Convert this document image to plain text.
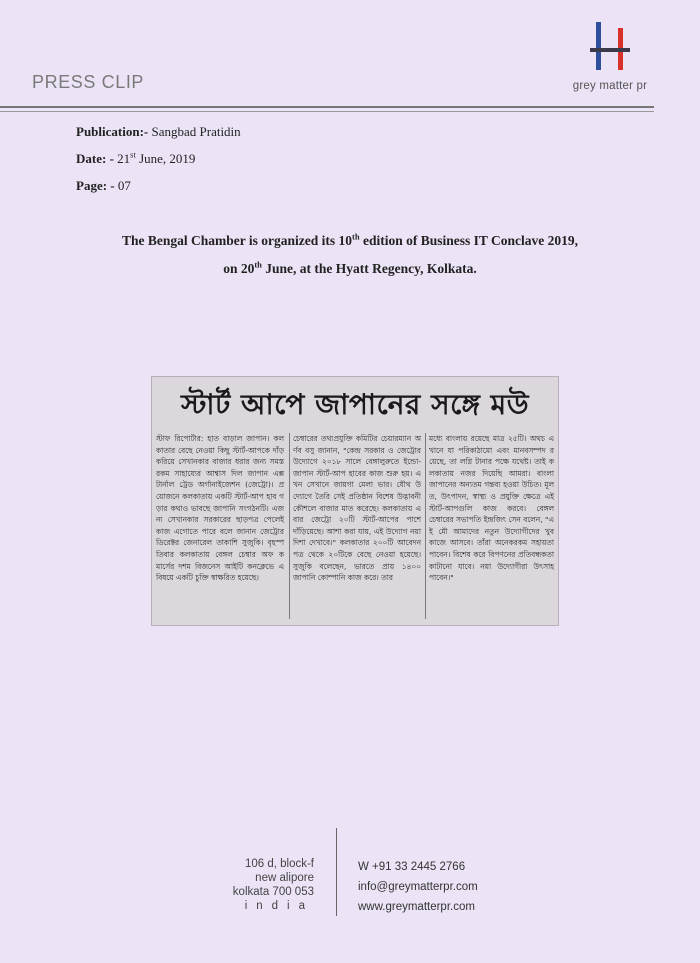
grey matter pr
PRESS CLIP
Publication:- Sangbad Pratidin
Date: - 21st June, 2019
Page: - 07
The Bengal Chamber is organized its 10th edition of Business IT Conclave 2019,
on 20th June, at the Hyatt Regency, Kolkata.
স্টার্ট আপে জাপানের সঙ্গে মউ
স্টাফ রিপোর্টার: হাত বাড়াল জাপান। কলকাতার বেছে নেওয়া কিছু স্টার্ট-আপকে দাঁড় করিয়ে সেখানকার বাজার ধরার জন্য সমস্ত রকম সাহায্যের আশ্বাস দিল জাপান এক্সটার্নাল ট্রেড অর্গানাইজেশন (জেট্রো)। প্রয়োজনে কলকাতায় একটি স্টার্ট-আপ হাব গড়ার কথাও ভাবছে জাপানি সংগঠনটি। এজন্য সেখানকার সরকারের ছাড়পত্র পেলেই কাজ এগোতে পারে বলে জানান জেট্রোর ডিরেক্টর জেনারেল তাকাশি সুজুকি। বৃহস্পতিবার কলকাতায় বেঙ্গল চেম্বার অফ কমার্সের দশম বিজনেস আইটি কনক্লেভে এ বিষয়ে একটি চুক্তি স্বাক্ষরিত হয়েছে।
চেম্বারের তথ্যপ্রযুক্তি কমিটির চেয়ারম্যান অর্ণব বসু জানান, "কেন্দ্র সরকার ও জেট্রোর উদ্যোগে ২০১৮ সালে বেঙ্গালুরুতে ইন্ডো-জাপান স্টার্ট-আপ হাবের কাজ শুরু হয়। এখন সেখানে জায়গা মেলা ভার। যৌথ উদ্যোগে তৈরি সেই প্রতিষ্ঠান বিশেষ উদ্ভাবনী কৌশলে বাজার মাত করেছে। কলকাতায় এবার জেট্রো ২০টি স্টার্ট-আপের পাশে দাঁড়িয়েছে। আশা করা যায়, এই উদ্যোগ নয়া দিশা দেখাবে।" কলকাতার ২০০টি আবেদন পত্র থেকে ২০টিকে বেছে নেওয়া হয়েছে। সুজুকি বলেছেন, ভারতে প্রায় ১৪০০ জাপানি কোম্পানি কাজ করে। তার
মধ্যে বাংলায় রয়েছে মাত্র ২৫টি। অথচ এখানে যা পরিকাঠামো এবং মানবসম্পদ রয়েছে, তা লগ্নি টানার পক্ষে যথেষ্ট। তাই কলকাতায় নজর দিয়েছি আমরা। বাংলা জাপানের অন্যতম গন্তব্য হওয়া উচিত। মূলত, উৎপাদন, স্বাস্থ্য ও প্রযুক্তি ক্ষেত্রে এই স্টার্ট-আপগুলি কাজ করবে। বেঙ্গল চেম্বারের সভাপতি ইন্দ্রজিৎ সেন বলেন, "এই মৌ আমাদের নতুন উদ্যোগীদের খুব কাজে আসবে। তাঁরা অনেকরকম সহায়তা পাবেন। বিশেষ করে বিপণনের প্রতিবন্ধকতা কাটানো যাবে। নয়া উদ্যোগীরা উৎসাহ পাবেন।"
106 d, block-f
new alipore
kolkata 700 053
india
W +91 33 2445 2766
info@greymatterpr.com
www.greymatterpr.com
